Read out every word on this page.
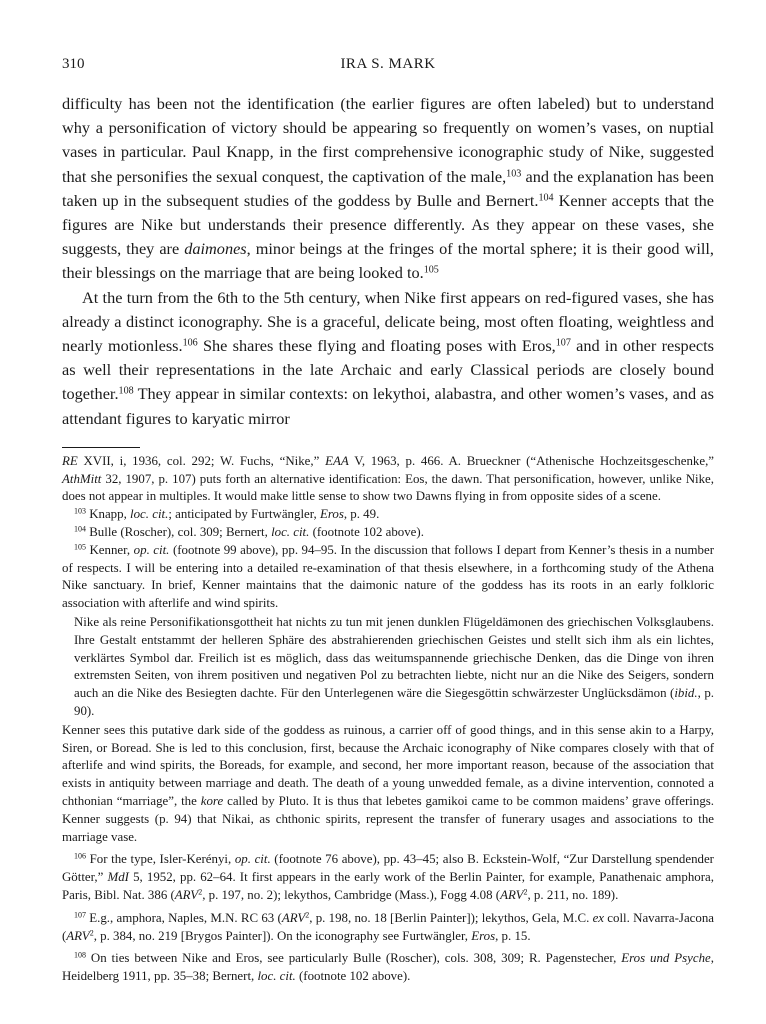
310	IRA S. MARK

difficulty has been not the identification (the earlier figures are often labeled) but to understand why a personification of victory should be appearing so frequently on women’s vases, on nuptial vases in particular. Paul Knapp, in the first comprehensive iconographic study of Nike, suggested that she personifies the sexual conquest, the captivation of the male,$^{103}$ and the explanation has been taken up in the subsequent studies of the goddess by Bulle and Bernert.$^{104}$ Kenner accepts that the figures are Nike but understands their presence differently. As they appear on these vases, she suggests, they are daimones, minor beings at the fringes of the mortal sphere; it is their good will, their blessings on the marriage that are being looked to.$^{105}$

At the turn from the 6th to the 5th century, when Nike first appears on red-figured vases, she has already a distinct iconography. She is a graceful, delicate being, most often floating, weightless and nearly motionless.$^{106}$ She shares these flying and floating poses with Eros,$^{107}$ and in other respects as well their representations in the late Archaic and early Classical periods are closely bound together.$^{108}$ They appear in similar contexts: on lekythoi, alabastra, and other women’s vases, and as attendant figures to karyatic mirror

RE XVII, i, 1936, col. 292; W. Fuchs, “Nike,” EAA V, 1963, p. 466. A. Brueckner (“Athenische Hochzeitsgeschenke,” AthMitt 32, 1907, p. 107) puts forth an alternative identification: Eos, the dawn. That personification, however, unlike Nike, does not appear in multiples. It would make little sense to show two Dawns flying in from opposite sides of a scene.

$^{103}$ Knapp, loc. cit.; anticipated by Furtwängler, Eros, p. 49.

$^{104}$ Bulle (Roscher), col. 309; Bernert, loc. cit. (footnote 102 above).

$^{105}$ Kenner, op. cit. (footnote 99 above), pp. 94–95. In the discussion that follows I depart from Kenner’s thesis in a number of respects. I will be entering into a detailed re-examination of that thesis elsewhere, in a forthcoming study of the Athena Nike sanctuary. In brief, Kenner maintains that the daimonic nature of the goddess has its roots in an early folkloric association with afterlife and wind spirits.

Nike als reine Personifikationsgottheit hat nichts zu tun mit jenen dunklen Flügeldämonen des griechischen Volksglaubens. Ihre Gestalt entstammt der helleren Sphäre des abstrahierenden griechischen Geistes und stellt sich ihm als ein lichtes, verklärtes Symbol dar. Freilich ist es möglich, dass das weitumspannende griechische Denken, das die Dinge von ihren extremsten Seiten, von ihrem positiven und negativen Pol zu betrachten liebte, nicht nur an die Nike des Seigers, sondern auch an die Nike des Besiegten dachte. Für den Unterlegenen wäre die Siegesgöttin schwärzester Unglücksdämon (ibid., p. 90).

Kenner sees this putative dark side of the goddess as ruinous, a carrier off of good things, and in this sense akin to a Harpy, Siren, or Boread. She is led to this conclusion, first, because the Archaic iconography of Nike compares closely with that of afterlife and wind spirits, the Boreads, for example, and second, her more important reason, because of the association that exists in antiquity between marriage and death. The death of a young unwedded female, as a divine intervention, connoted a chthonian “marriage”, the kore called by Pluto. It is thus that lebetes gamikoi came to be common maidens’ grave offerings. Kenner suggests (p. 94) that Nikai, as chthonic spirits, represent the transfer of funerary usages and associations to the marriage vase.

$^{106}$ For the type, Isler-Kerényi, op. cit. (footnote 76 above), pp. 43–45; also B. Eckstein-Wolf, “Zur Darstellung spendender Götter,” MdI 5, 1952, pp. 62–64. It first appears in the early work of the Berlin Painter, for example, Panathenaic amphora, Paris, Bibl. Nat. 386 (ARV$^2$, p. 197, no. 2); lekythos, Cambridge (Mass.), Fogg 4.08 (ARV$^2$, p. 211, no. 189).

$^{107}$ E.g., amphora, Naples, M.N. RC 63 (ARV$^2$, p. 198, no. 18 [Berlin Painter]); lekythos, Gela, M.C. ex coll. Navarra-Jacona (ARV$^2$, p. 384, no. 219 [Brygos Painter]). On the iconography see Furtwängler, Eros, p. 15.

$^{108}$ On ties between Nike and Eros, see particularly Bulle (Roscher), cols. 308, 309; R. Pagenstecher, Eros und Psyche, Heidelberg 1911, pp. 35–38; Bernert, loc. cit. (footnote 102 above).
